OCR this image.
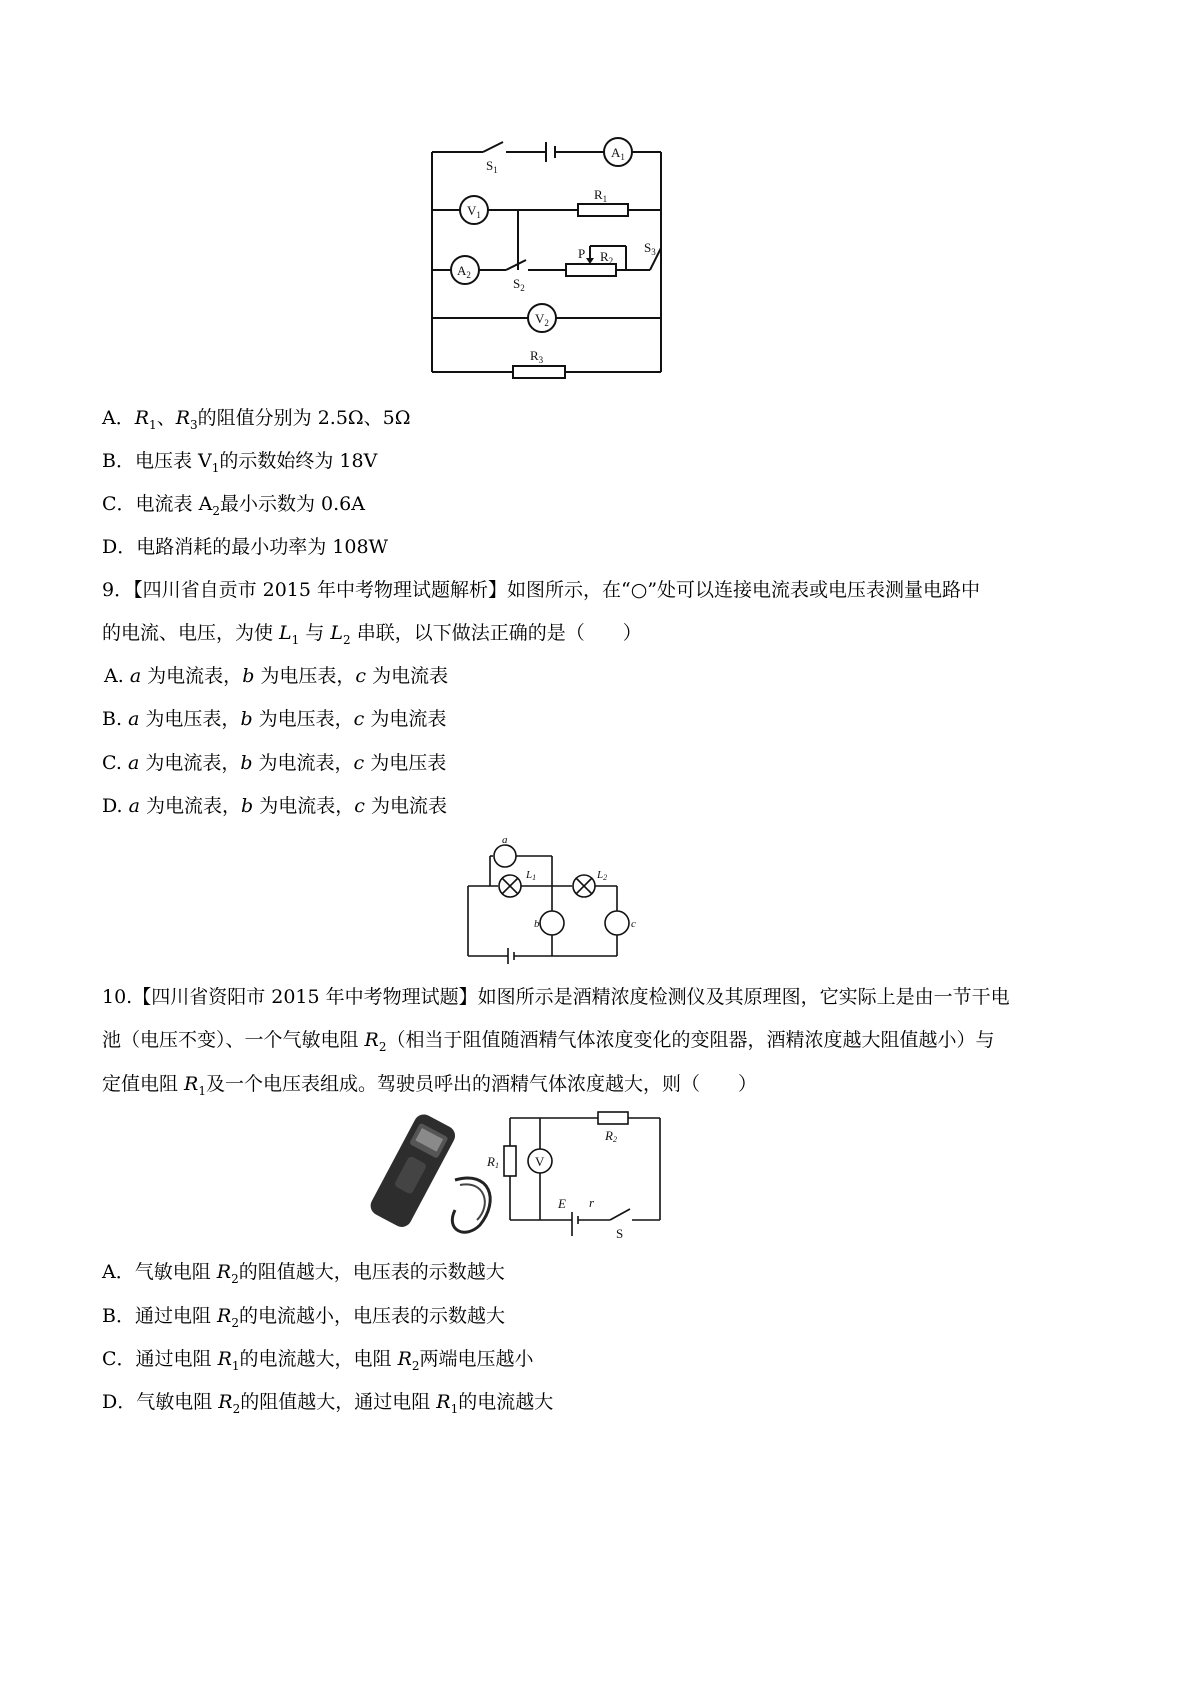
$S_1$
$A_1$
$V_1$
$R_1$
P $R_2$
$S_3$
$A_2$
$S_2$
$V_2$
$R_3$
A．$R_1$、$R_3$的阻值分别为 2.5Ω、5Ω
B．电压表 $V_1$的示数始终为 18V
C．电流表 $A_2$最小示数为 0.6A
D．电路消耗的最小功率为 108W
9．【四川省自贡市 2015 年中考物理试题解析】如图所示，在“○”处可以连接电流表或电压表测量电路中
的电流、电压，为使 $L_1$ 与 $L_2$ 串联，以下做法正确的是（　　）
A. a 为电流表，b 为电压表，c 为电流表
B. a 为电压表，b 为电压表，c 为电流表
C. a 为电流表，b 为电流表，c 为电压表
D. a 为电流表，b 为电流表，c 为电流表
a
b	c
L1	L2
10.【四川省资阳市 2015 年中考物理试题】如图所示是酒精浓度检测仪及其原理图，它实际上是由一节干电
池（电压不变）、一个气敏电阻 $R_2$（相当于阻值随酒精气体浓度变化的变阻器，酒精浓度越大阻值越小）与
定值电阻 $R_1$及一个电压表组成。驾驶员呼出的酒精气体浓度越大，则（　　）
R2
R1	V
E r
S
A．气敏电阻 $R_2$的阻值越大，电压表的示数越大
B．通过电阻 $R_2$的电流越小，电压表的示数越大
C．通过电阻 $R_1$的电流越大，电阻 $R_2$两端电压越小
D．气敏电阻 $R_2$的阻值越大，通过电阻 $R_1$的电流越大
